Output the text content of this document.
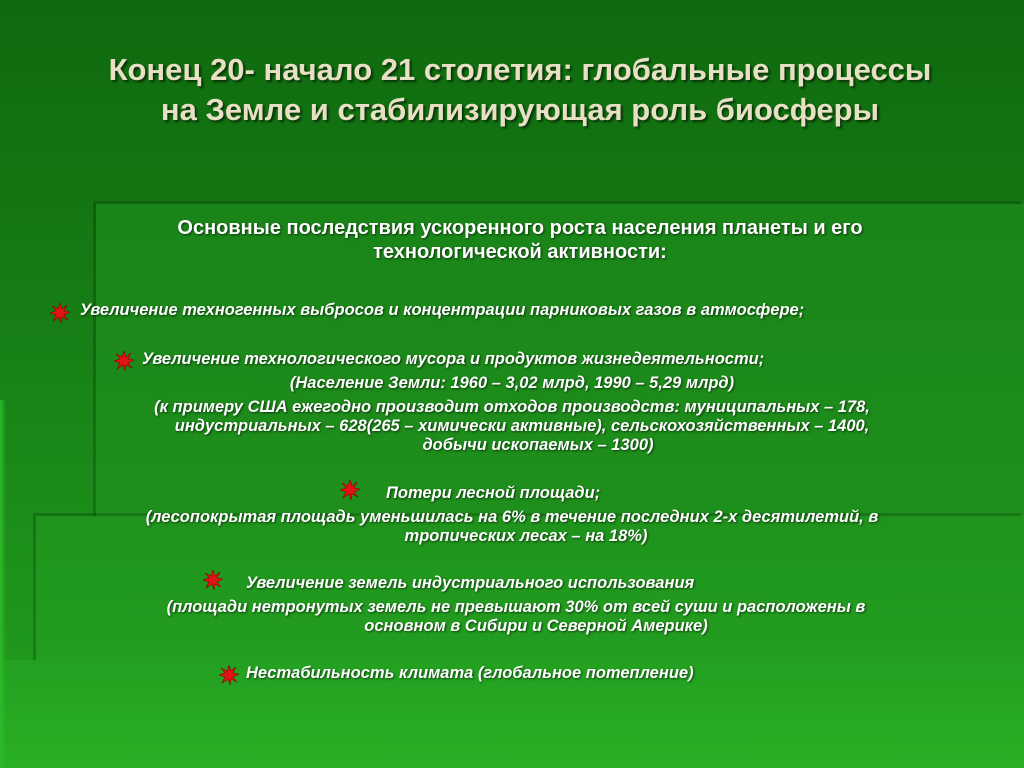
Конец 20- начало 21 столетия: глобальные процессы
на Земле и стабилизирующая роль биосферы
Основные последствия ускоренного роста населения планеты и его
технологической активности:
Увеличение техногенных выбросов и концентрации парниковых газов в атмосфере;
Увеличение технологического мусора и продуктов жизнедеятельности;
(Население Земли: 1960 – 3,02 млрд, 1990 – 5,29 млрд)
(к примеру США ежегодно производит отходов производств: муниципальных – 178,
индустриальных – 628(265 – химически активные), сельскохозяйственных – 1400,
добычи ископаемых – 1300)
Потери лесной площади;
(лесопокрытая площадь уменьшилась на 6% в течение последних 2-х десятилетий, в
тропических лесах – на 18%)
Увеличение земель индустриального использования
(площади нетронутых земель не превышают 30% от всей суши и расположены в
основном в Сибири и Северной Америке)
Нестабильность климата (глобальное потепление)
